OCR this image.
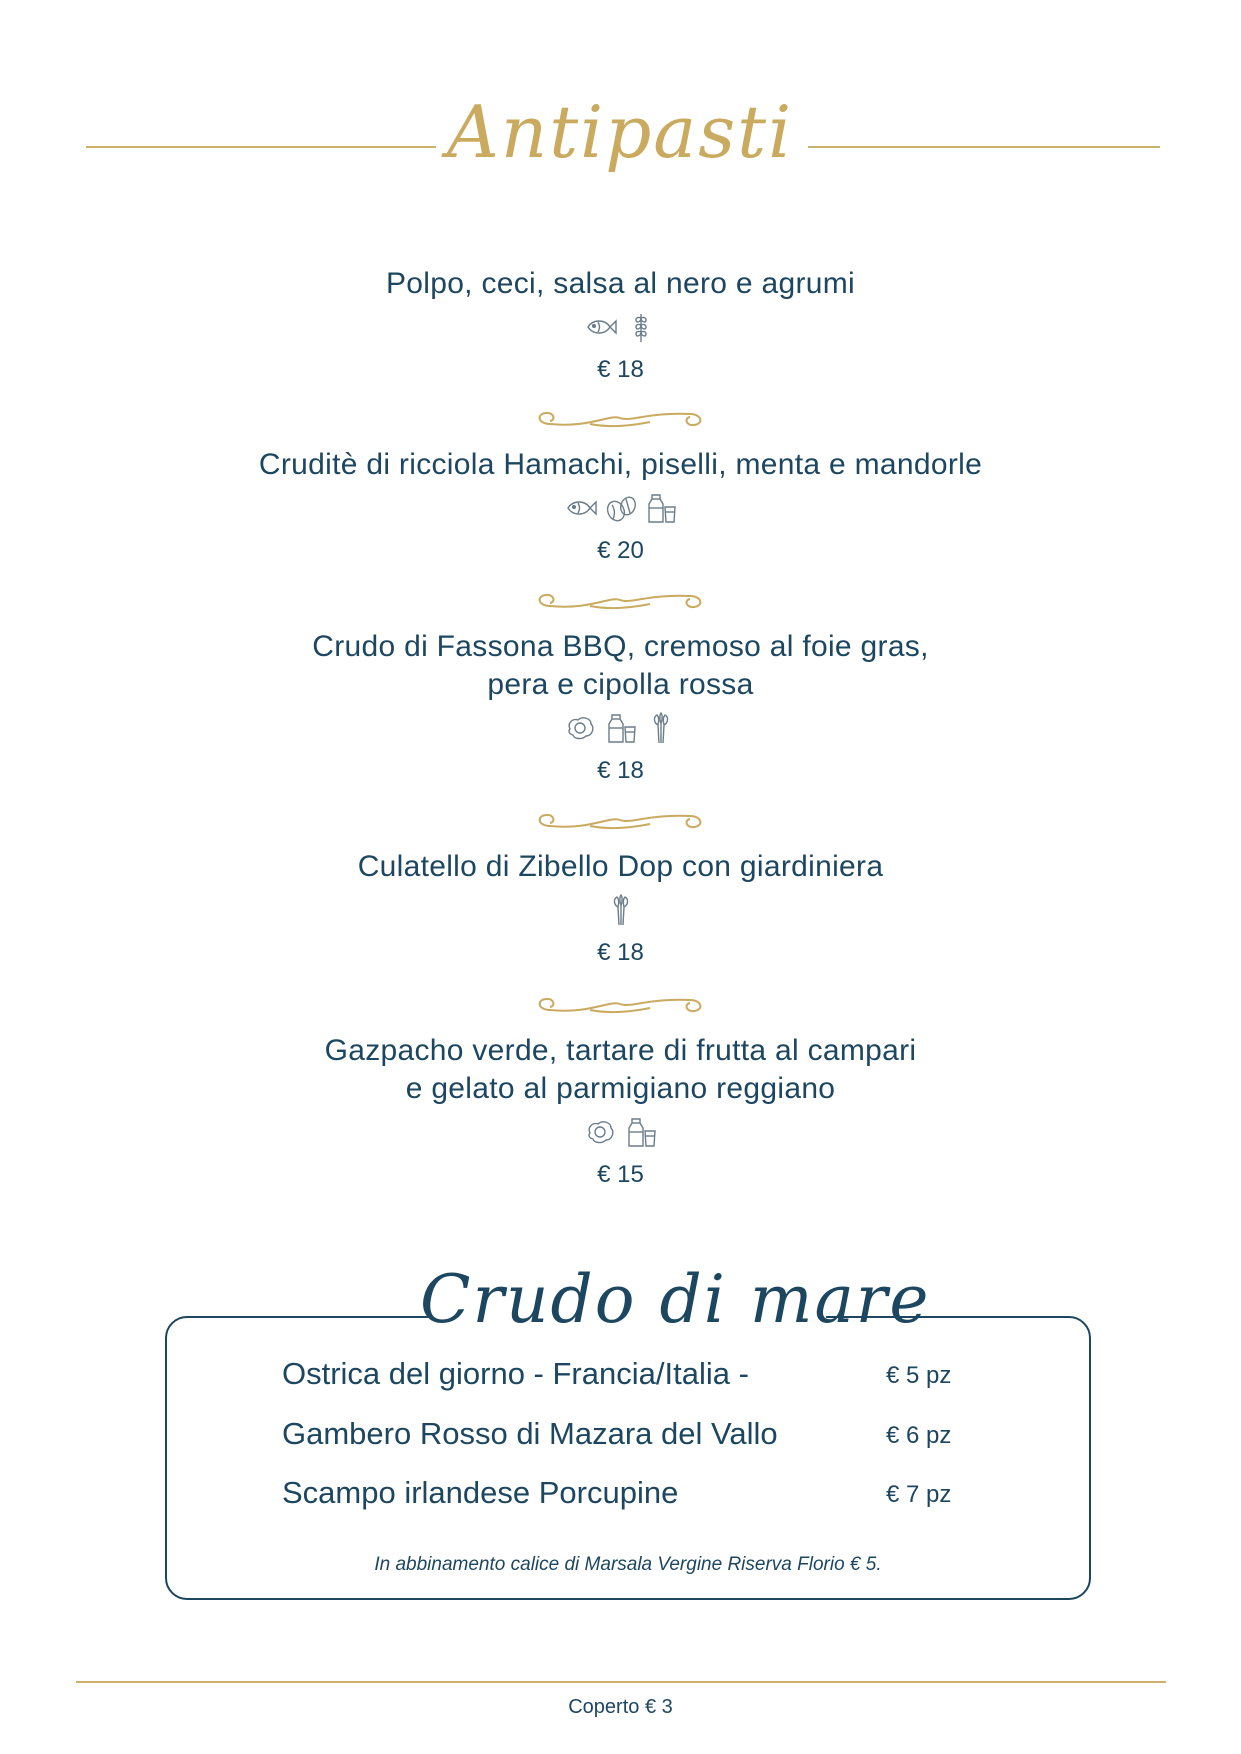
Antipasti
Polpo, ceci, salsa al nero e agrumi
€ 18
Cruditè di ricciola Hamachi, piselli, menta e mandorle
€ 20
Crudo di Fassona BBQ, cremoso al foie gras,
pera e cipolla rossa
€ 18
Culatello di Zibello Dop con giardiniera
€ 18
Gazpacho verde, tartare di frutta al campari
e gelato al parmigiano reggiano
€ 15
Crudo di mare
Ostrica del giorno - Francia/Italia -	€ 5 pz
Gambero Rosso di Mazara del Vallo	€ 6 pz
Scampo irlandese Porcupine	€ 7 pz
In abbinamento calice di Marsala Vergine Riserva Florio € 5.
Coperto € 3
